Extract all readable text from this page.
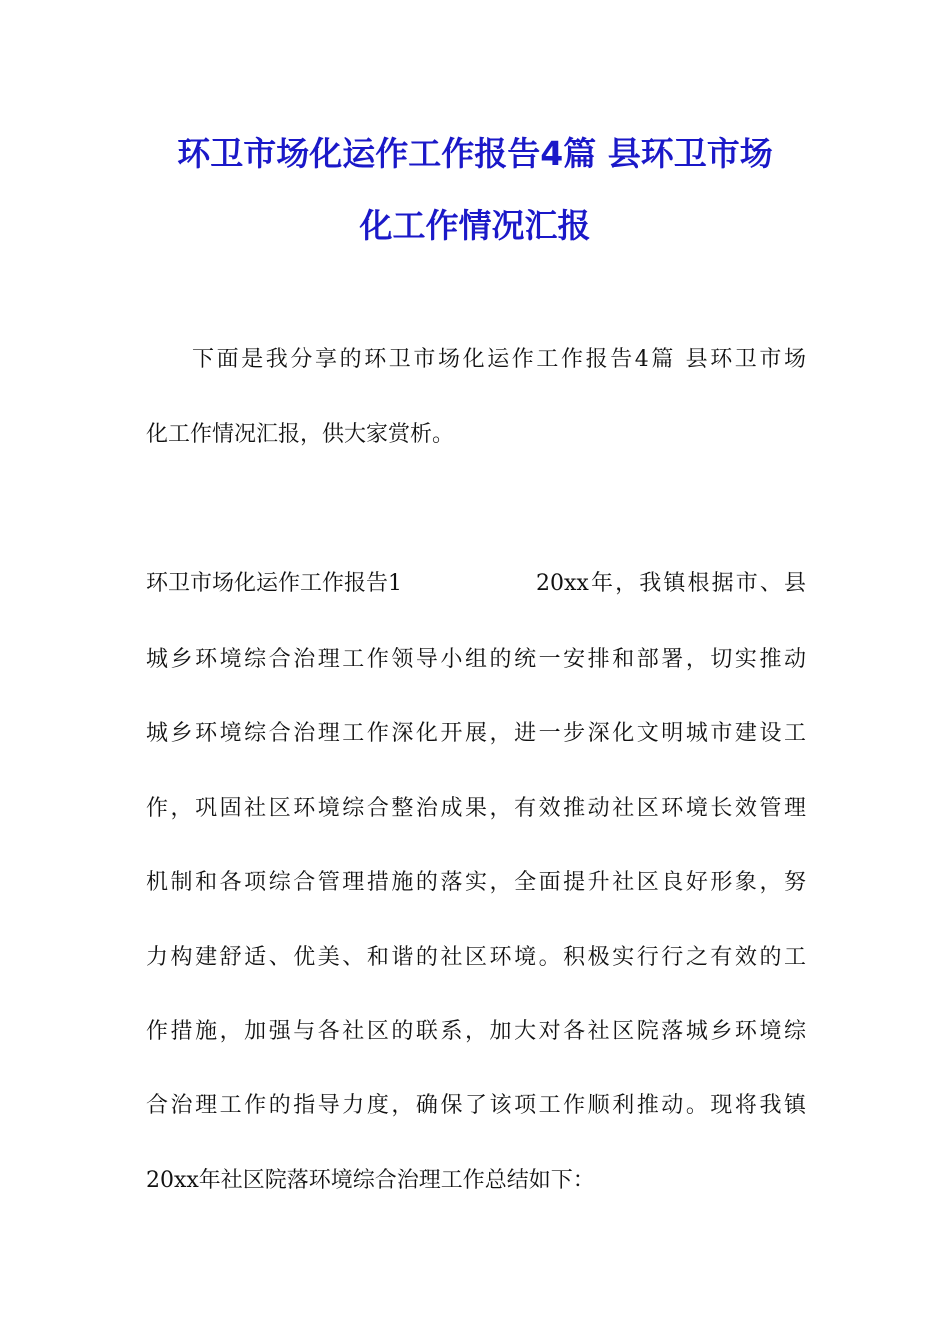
环卫市场化运作工作报告4篇 县环卫市场
化工作情况汇报
下面是我分享的环卫市场化运作工作报告4篇 县环卫市场
化工作情况汇报，供大家赏析。
环卫市场化运作工作报告1	20xx年，我镇根据市、县
城乡环境综合治理工作领导小组的统一安排和部署，切实推动
城乡环境综合治理工作深化开展，进一步深化文明城市建设工
作，巩固社区环境综合整治成果，有效推动社区环境长效管理
机制和各项综合管理措施的落实，全面提升社区良好形象，努
力构建舒适、优美、和谐的社区环境。积极实行行之有效的工
作措施，加强与各社区的联系，加大对各社区院落城乡环境综
合治理工作的指导力度，确保了该项工作顺利推动。现将我镇
20xx年社区院落环境综合治理工作总结如下：
